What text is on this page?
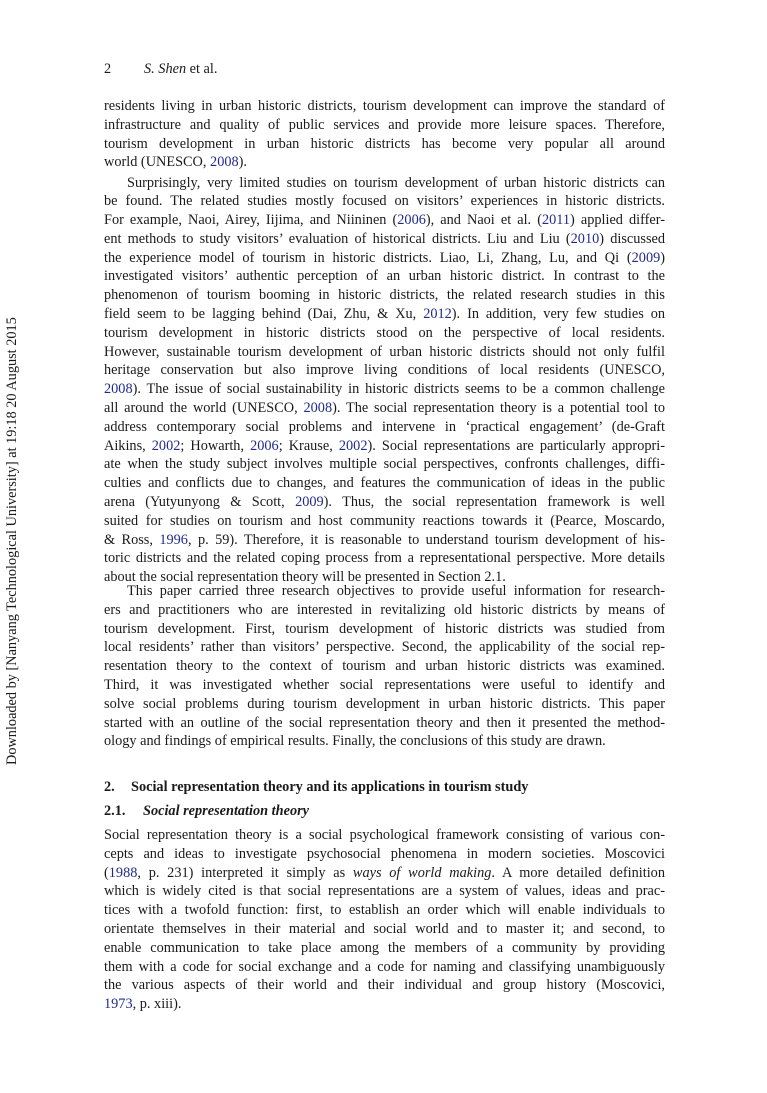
2 S. Shen et al.
Downloaded by [Nanyang Technological University] at 19:18 20 August 2015
residents living in urban historic districts, tourism development can improve the standard of
infrastructure and quality of public services and provide more leisure spaces. Therefore,
tourism development in urban historic districts has become very popular all around
world (UNESCO, 2008).
Surprisingly, very limited studies on tourism development of urban historic districts can
be found. The related studies mostly focused on visitors’ experiences in historic districts.
For example, Naoi, Airey, Iijima, and Niininen (2006), and Naoi et al. (2011) applied differ-
ent methods to study visitors’ evaluation of historical districts. Liu and Liu (2010) discussed
the experience model of tourism in historic districts. Liao, Li, Zhang, Lu, and Qi (2009)
investigated visitors’ authentic perception of an urban historic district. In contrast to the
phenomenon of tourism booming in historic districts, the related research studies in this
field seem to be lagging behind (Dai, Zhu, & Xu, 2012). In addition, very few studies on
tourism development in historic districts stood on the perspective of local residents.
However, sustainable tourism development of urban historic districts should not only fulfil
heritage conservation but also improve living conditions of local residents (UNESCO,
2008). The issue of social sustainability in historic districts seems to be a common challenge
all around the world (UNESCO, 2008). The social representation theory is a potential tool to
address contemporary social problems and intervene in ‘practical engagement’ (de-Graft
Aikins, 2002; Howarth, 2006; Krause, 2002). Social representations are particularly appropri-
ate when the study subject involves multiple social perspectives, confronts challenges, diffi-
culties and conflicts due to changes, and features the communication of ideas in the public
arena (Yutyunyong & Scott, 2009). Thus, the social representation framework is well
suited for studies on tourism and host community reactions towards it (Pearce, Moscardo,
& Ross, 1996, p. 59). Therefore, it is reasonable to understand tourism development of his-
toric districts and the related coping process from a representational perspective. More details
about the social representation theory will be presented in Section 2.1.
This paper carried three research objectives to provide useful information for research-
ers and practitioners who are interested in revitalizing old historic districts by means of
tourism development. First, tourism development of historic districts was studied from
local residents’ rather than visitors’ perspective. Second, the applicability of the social rep-
resentation theory to the context of tourism and urban historic districts was examined.
Third, it was investigated whether social representations were useful to identify and
solve social problems during tourism development in urban historic districts. This paper
started with an outline of the social representation theory and then it presented the method-
ology and findings of empirical results. Finally, the conclusions of this study are drawn.
2. Social representation theory and its applications in tourism study
2.1. Social representation theory
Social representation theory is a social psychological framework consisting of various con-
cepts and ideas to investigate psychosocial phenomena in modern societies. Moscovici
(1988, p. 231) interpreted it simply as ways of world making. A more detailed definition
which is widely cited is that social representations are a system of values, ideas and prac-
tices with a twofold function: first, to establish an order which will enable individuals to
orientate themselves in their material and social world and to master it; and second, to
enable communication to take place among the members of a community by providing
them with a code for social exchange and a code for naming and classifying unambiguously
the various aspects of their world and their individual and group history (Moscovici,
1973, p. xiii).
